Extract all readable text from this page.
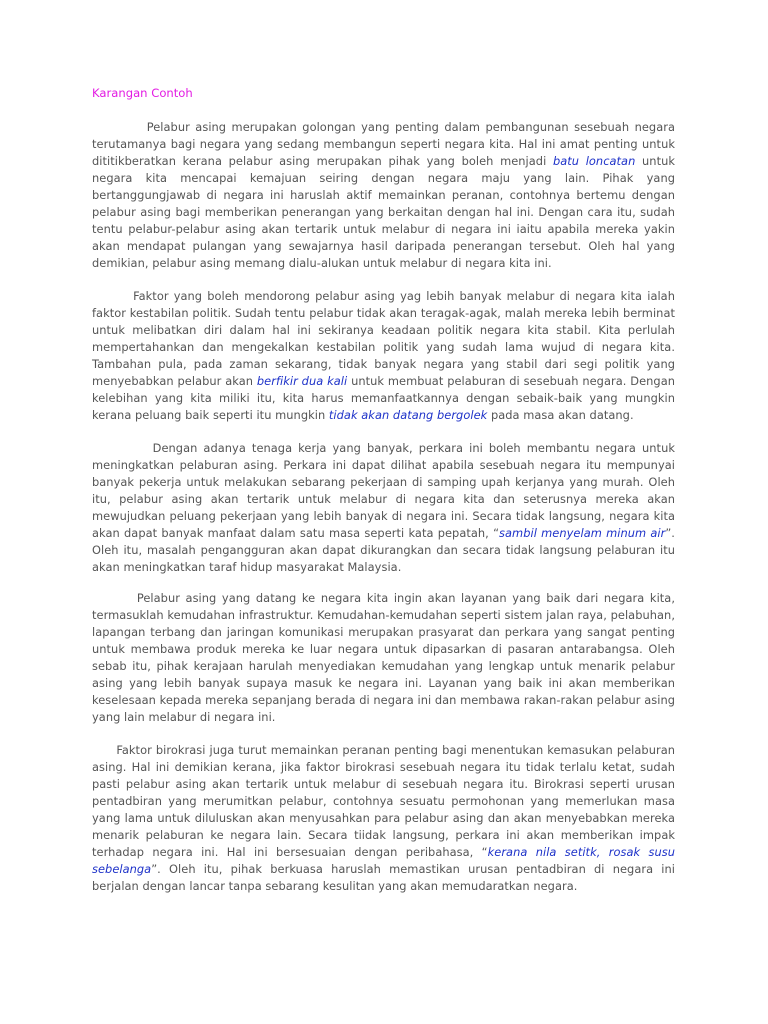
Karangan Contoh

Pelabur asing merupakan golongan yang penting dalam pembangunan sesebuah negara terutamanya bagi negara yang sedang membangun seperti negara kita. Hal ini amat penting untuk dititikberatkan kerana pelabur asing merupakan pihak yang boleh menjadi batu loncatan untuk negara kita mencapai kemajuan seiring dengan negara maju yang lain. Pihak yang bertanggungjawab di negara ini haruslah aktif memainkan peranan, contohnya bertemu dengan pelabur asing bagi memberikan penerangan yang berkaitan dengan hal ini. Dengan cara itu, sudah tentu pelabur-pelabur asing akan tertarik untuk melabur di negara ini iaitu apabila mereka yakin akan mendapat pulangan yang sewajarnya hasil daripada penerangan tersebut. Oleh hal yang demikian, pelabur asing memang dialu-alukan untuk melabur di negara kita ini.

Faktor yang boleh mendorong pelabur asing yag lebih banyak melabur di negara kita ialah faktor kestabilan politik. Sudah tentu pelabur tidak akan teragak-agak, malah mereka lebih berminat untuk melibatkan diri dalam hal ini sekiranya keadaan politik negara kita stabil. Kita perlulah mempertahankan dan mengekalkan kestabilan politik yang sudah lama wujud di negara kita. Tambahan pula, pada zaman sekarang, tidak banyak negara yang stabil dari segi politik yang menyebabkan pelabur akan berfikir dua kali untuk membuat pelaburan di sesebuah negara. Dengan kelebihan yang kita miliki itu, kita harus memanfaatkannya dengan sebaik-baik yang mungkin kerana peluang baik seperti itu mungkin tidak akan datang bergolek pada masa akan datang.

Dengan adanya tenaga kerja yang banyak, perkara ini boleh membantu negara untuk meningkatkan pelaburan asing. Perkara ini dapat dilihat apabila sesebuah negara itu mempunyai banyak pekerja untuk melakukan sebarang pekerjaan di samping upah kerjanya yang murah. Oleh itu, pelabur asing akan tertarik untuk melabur di negara kita dan seterusnya mereka akan mewujudkan peluang pekerjaan yang lebih banyak di negara ini. Secara tidak langsung, negara kita akan dapat banyak manfaat dalam satu masa seperti kata pepatah, “sambil menyelam minum air”. Oleh itu, masalah pengangguran akan dapat dikurangkan dan secara tidak langsung pelaburan itu akan meningkatkan taraf hidup masyarakat Malaysia.

Pelabur asing yang datang ke negara kita ingin akan layanan yang baik dari negara kita, termasuklah kemudahan infrastruktur. Kemudahan-kemudahan seperti sistem jalan raya, pelabuhan, lapangan terbang dan jaringan komunikasi merupakan prasyarat dan perkara yang sangat penting untuk membawa produk mereka ke luar negara untuk dipasarkan di pasaran antarabangsa. Oleh sebab itu, pihak kerajaan harulah menyediakan kemudahan yang lengkap untuk menarik pelabur asing yang lebih banyak supaya masuk ke negara ini. Layanan yang baik ini akan memberikan keselesaan kepada mereka sepanjang berada di negara ini dan membawa rakan-rakan pelabur asing yang lain melabur di negara ini.

Faktor birokrasi juga turut memainkan peranan penting bagi menentukan kemasukan pelaburan asing. Hal ini demikian kerana, jika faktor birokrasi sesebuah negara itu tidak terlalu ketat, sudah pasti pelabur asing akan tertarik untuk melabur di sesebuah negara itu. Birokrasi seperti urusan pentadbiran yang merumitkan pelabur, contohnya sesuatu permohonan yang memerlukan masa yang lama untuk diluluskan akan menyusahkan para pelabur asing dan akan menyebabkan mereka menarik pelaburan ke negara lain. Secara tiidak langsung, perkara ini akan memberikan impak terhadap negara ini. Hal ini bersesuaian dengan peribahasa, “kerana nila setitk, rosak susu sebelanga”. Oleh itu, pihak berkuasa haruslah memastikan urusan pentadbiran di negara ini berjalan dengan lancar tanpa sebarang kesulitan yang akan memudaratkan negara.
